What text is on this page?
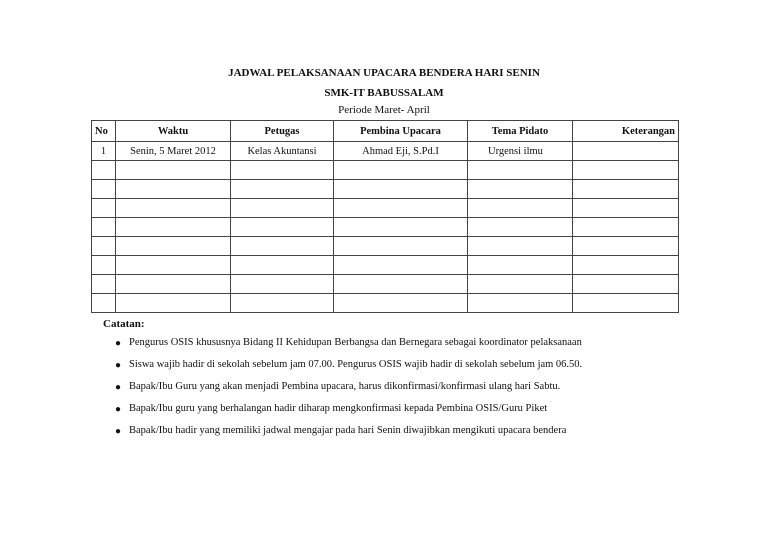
JADWAL PELAKSANAAN UPACARA BENDERA HARI SENIN
SMK-IT BABUSSALAM
Periode Maret- April
No	Waktu	Petugas	Pembina Upacara	Tema Pidato	Keterangan
1	Senin, 5 Maret 2012	Kelas Akuntansi	Ahmad Eji, S.Pd.I	Urgensi ilmu	

Catatan:
● Pengurus OSIS khususnya Bidang II Kehidupan Berbangsa dan Bernegara sebagai koordinator pelaksanaan
● Siswa wajib hadir di sekolah sebelum jam 07.00. Pengurus OSIS wajib hadir di sekolah sebelum jam 06.50.
● Bapak/Ibu Guru yang akan menjadi Pembina upacara, harus dikonfirmasi/konfirmasi ulang hari Sabtu.
● Bapak/Ibu guru yang berhalangan hadir diharap mengkonfirmasi kepada Pembina OSIS/Guru Piket
● Bapak/Ibu hadir yang memiliki jadwal mengajar pada hari Senin diwajibkan mengikuti upacara bendera
